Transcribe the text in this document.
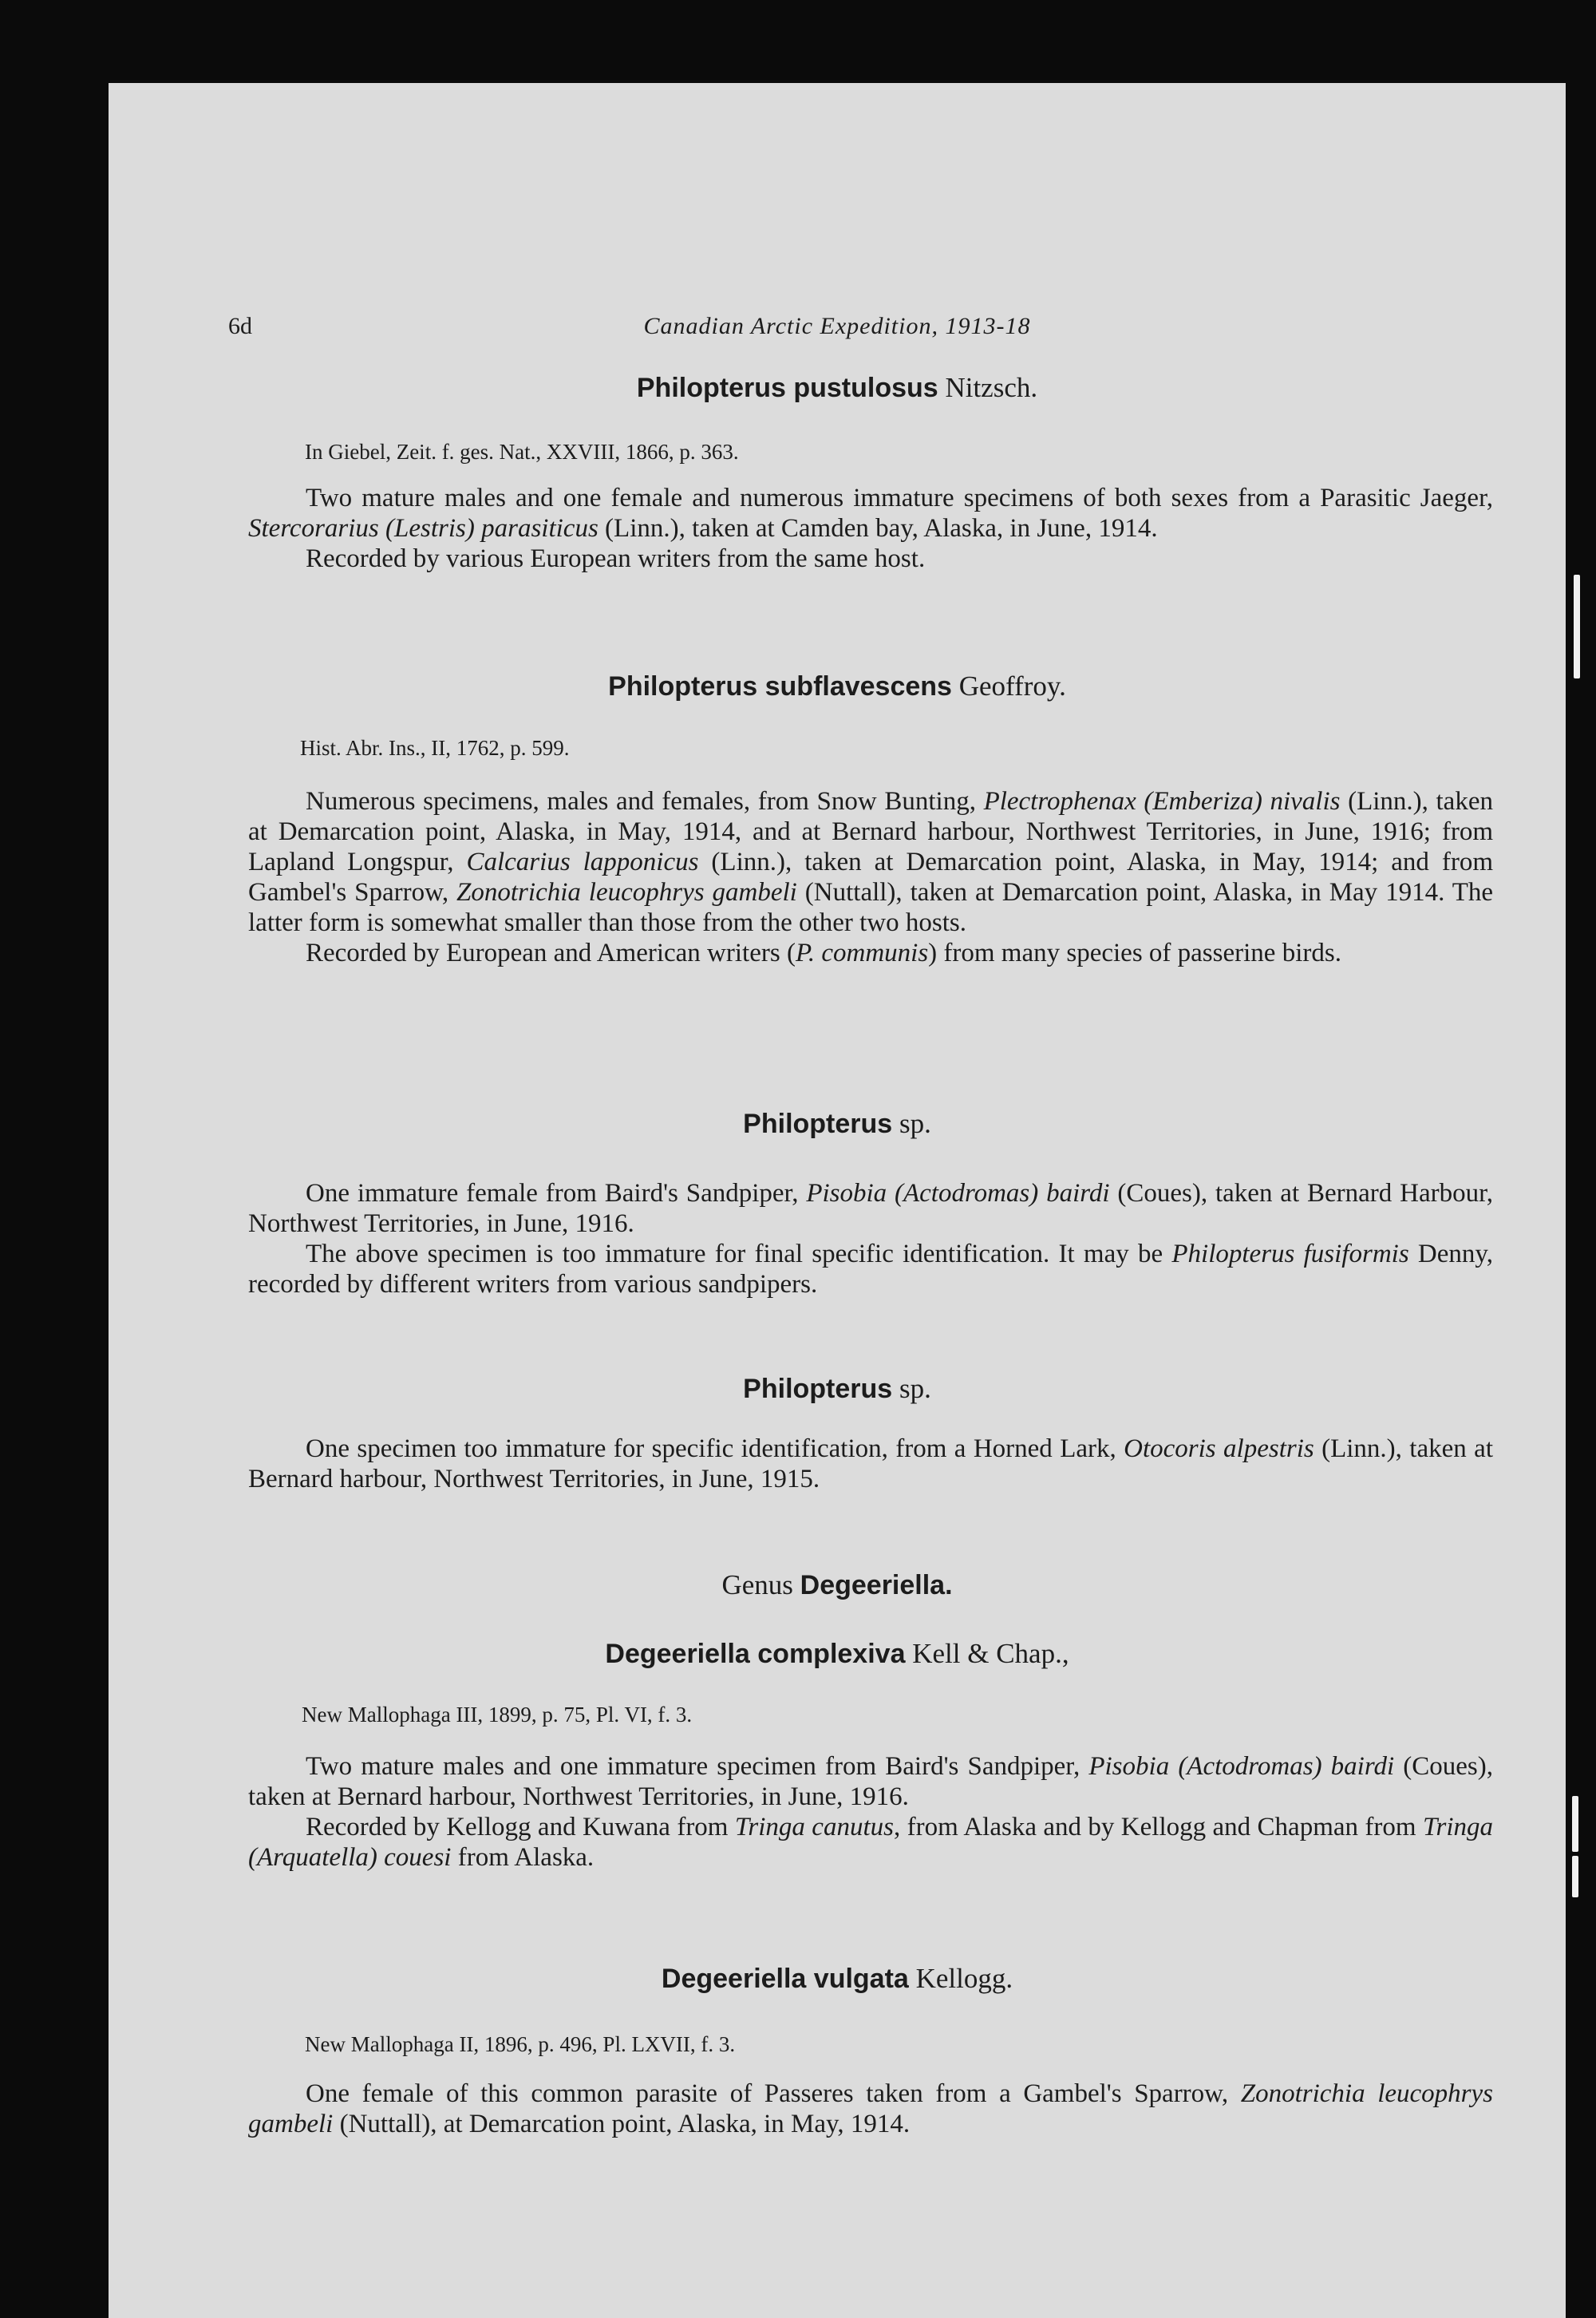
6d	Canadian Arctic Expedition, 1913-18
Philopterus pustulosus Nitzsch.
In Giebel, Zeit. f. ges. Nat., XXVIII, 1866, p. 363.

Two mature males and one female and numerous immature specimens of both sexes from a Parasitic Jaeger, Stercorarius (Lestris) parasiticus (Linn.), taken at Camden bay, Alaska, in June, 1914.

Recorded by various European writers from the same host.

Philopterus subflavescens Geoffroy.
Hist. Abr. Ins., II, 1762, p. 599.

Numerous specimens, males and females, from Snow Bunting, Plectrophenax (Emberiza) nivalis (Linn.), taken at Demarcation point, Alaska, in May, 1914, and at Bernard harbour, Northwest Territories, in June, 1916; from Lapland Longspur, Calcarius lapponicus (Linn.), taken at Demarcation point, Alaska, in May, 1914; and from Gambel's Sparrow, Zonotrichia leucophrys gambeli (Nuttall), taken at Demarcation point, Alaska, in May 1914. The latter form is somewhat smaller than those from the other two hosts.

Recorded by European and American writers (P. communis) from many species of passerine birds.

Philopterus sp.

One immature female from Baird's Sandpiper, Pisobia (Actodromas) bairdi (Coues), taken at Bernard Harbour, Northwest Territories, in June, 1916.

The above specimen is too immature for final specific identification. It may be Philopterus fusiformis Denny, recorded by different writers from various sandpipers.

Philopterus sp.

One specimen too immature for specific identification, from a Horned Lark, Otocoris alpestris (Linn.), taken at Bernard harbour, Northwest Territories, in June, 1915.

Genus Degeeriella.
Degeeriella complexiva Kell & Chap.,
New Mallophaga III, 1899, p. 75, Pl. VI, f. 3.

Two mature males and one immature specimen from Baird's Sandpiper, Pisobia (Actodromas) bairdi (Coues), taken at Bernard harbour, Northwest Territories, in June, 1916.

Recorded by Kellogg and Kuwana from Tringa canutus, from Alaska and by Kellogg and Chapman from Tringa (Arquatella) couesi from Alaska.

Degeeriella vulgata Kellogg.
New Mallophaga II, 1896, p. 496, Pl. LXVII, f. 3.

One female of this common parasite of Passeres taken from a Gambel's Sparrow, Zonotrichia leucophrys gambeli (Nuttall), at Demarcation point, Alaska, in May, 1914.
